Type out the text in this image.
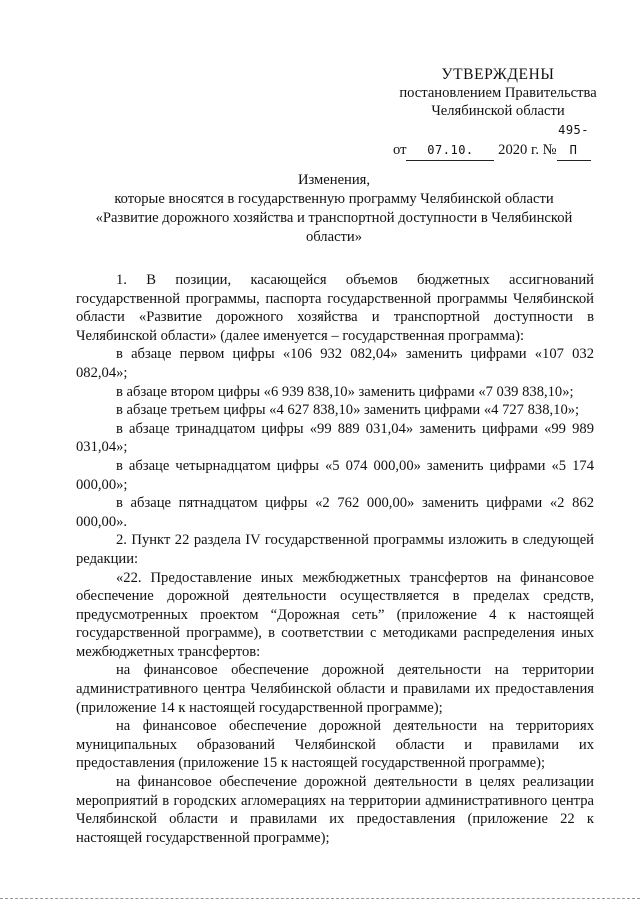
УТВЕРЖДЕНЫ
постановлением Правительства
Челябинской области
от 07.10. 2020 г. №495-П
Изменения,
которые вносятся в государственную программу Челябинской области
«Развитие дорожного хозяйства и транспортной доступности в Челябинской
области»

1. В позиции, касающейся объемов бюджетных ассигнований государственной программы, паспорта государственной программы Челябинской области «Развитие дорожного хозяйства и транспортной доступности в Челябинской области» (далее именуется – государственная программа):

в абзаце первом цифры «106 932 082,04» заменить цифрами «107 032 082,04»;

в абзаце втором цифры «6 939 838,10» заменить цифрами «7 039 838,10»;

в абзаце третьем цифры «4 627 838,10» заменить цифрами «4 727 838,10»;

в абзаце тринадцатом цифры «99 889 031,04» заменить цифрами «99 989 031,04»;

в абзаце четырнадцатом цифры «5 074 000,00» заменить цифрами «5 174 000,00»;

в абзаце пятнадцатом цифры «2 762 000,00» заменить цифрами «2 862 000,00».

2. Пункт 22 раздела IV государственной программы изложить в следующей редакции:

«22. Предоставление иных межбюджетных трансфертов на финансовое обеспечение дорожной деятельности осуществляется в пределах средств, предусмотренных проектом “Дорожная сеть” (приложение 4 к настоящей государственной программе), в соответствии с методиками распределения иных межбюджетных трансфертов:

на финансовое обеспечение дорожной деятельности на территории административного центра Челябинской области и правилами их предоставления (приложение 14 к настоящей государственной программе);

на финансовое обеспечение дорожной деятельности на территориях муниципальных образований Челябинской области и правилами их предоставления (приложение 15 к настоящей государственной программе);

на финансовое обеспечение дорожной деятельности в целях реализации мероприятий в городских агломерациях на территории административного центра Челябинской области и правилами их предоставления (приложение 22 к настоящей государственной программе);
